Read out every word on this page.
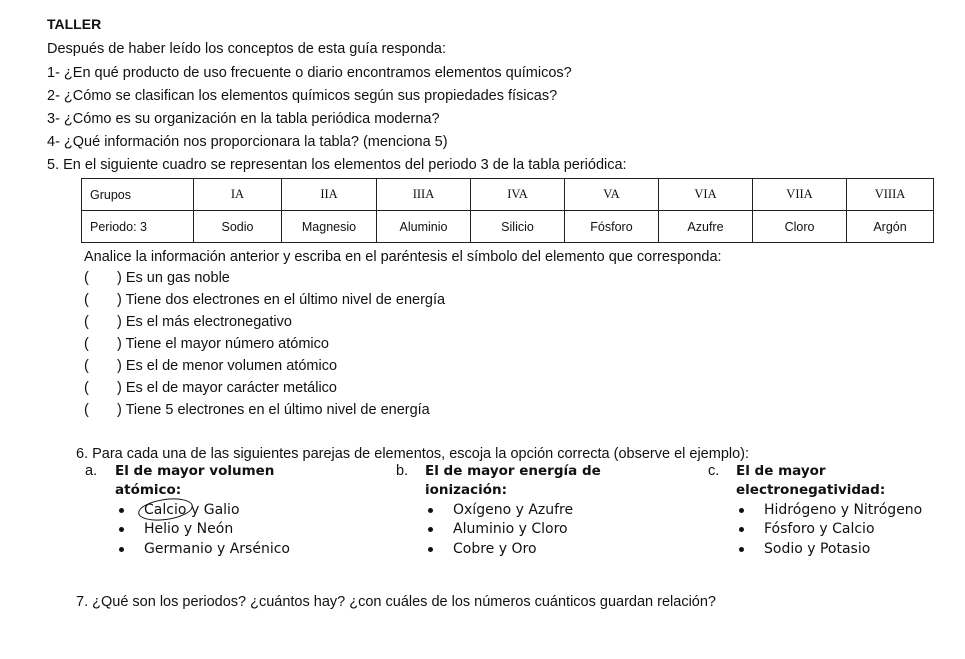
TALLER
Después de haber leído los conceptos de esta guía responda:
1- ¿En qué producto de uso frecuente o diario encontramos elementos químicos?
2- ¿Cómo se clasifican los elementos químicos según sus propiedades físicas?
3- ¿Cómo es su organización en la tabla periódica moderna?
4- ¿Qué información nos proporcionara la tabla? (menciona 5)
5. En el siguiente cuadro se representan los elementos del periodo 3 de la tabla periódica:
Grupos	IA	IIA	IIIA	IVA	VA	VIA	VIIA	VIIIA
Periodo: 3	Sodio	Magnesio	Aluminio	Silicio	Fósforo	Azufre	Cloro	Argón
Analice la información anterior y escriba en el paréntesis el símbolo del elemento que corresponda:
( ) Es un gas noble
( ) Tiene dos electrones en el último nivel de energía
( ) Es el más electronegativo
( ) Tiene el mayor número atómico
( ) Es el de menor volumen atómico
( ) Es el de mayor carácter metálico
( ) Tiene 5 electrones en el último nivel de energía
6. Para cada una de las siguientes parejas de elementos, escoja la opción correcta (observe el ejemplo):
a. El de mayor volumen
atómico:
Calcio y Galio
Helio y Neón
Germanio y Arsénico
b. El de mayor energía de
ionización:
Oxígeno y Azufre
Aluminio y Cloro
Cobre y Oro
c. El de mayor
electronegatividad:
Hidrógeno y Nitrógeno
Fósforo y Calcio
Sodio y Potasio
7. ¿Qué son los periodos? ¿cuántos hay? ¿con cuáles de los números cuánticos guardan relación?
